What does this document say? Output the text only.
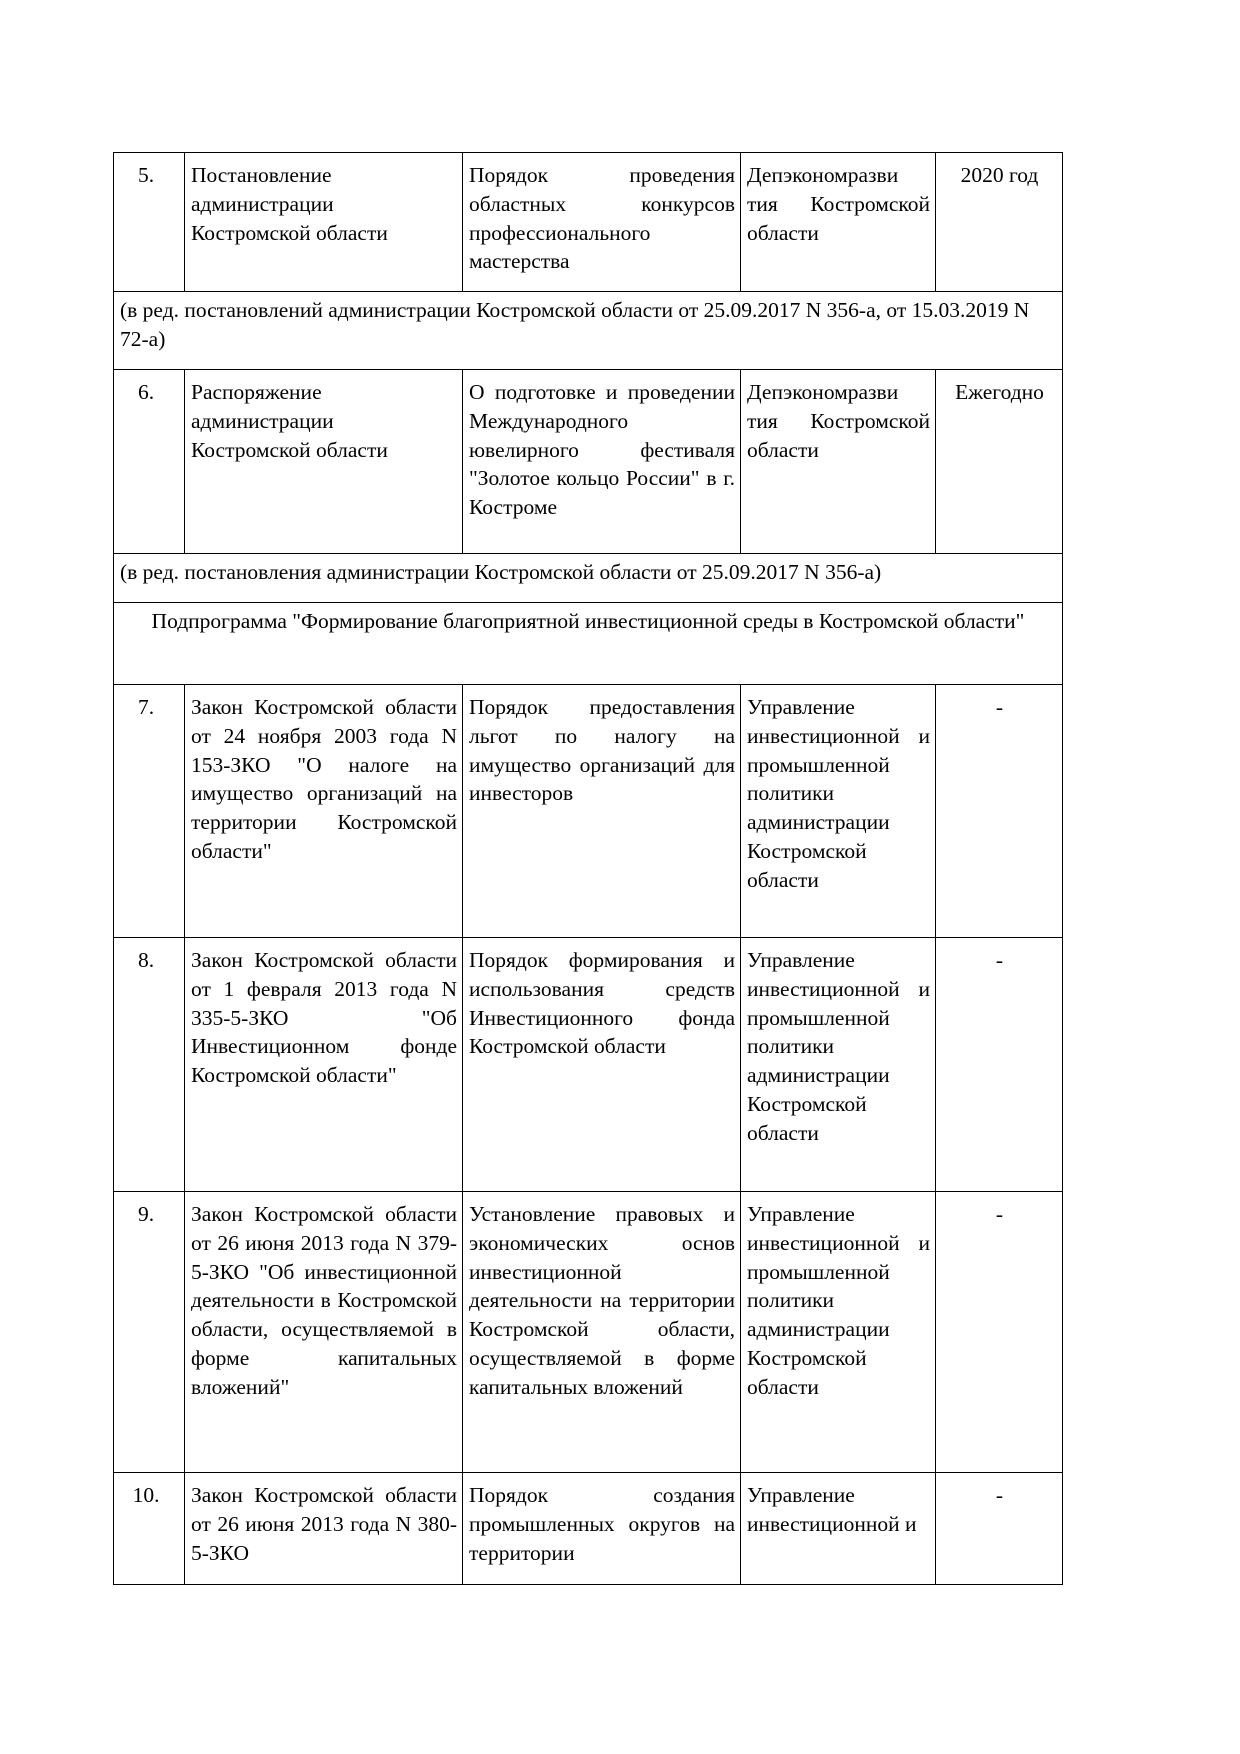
5.	Постановление администрации Костромской области	Порядок проведения областных конкурсов профессионального мастерства	Депэкономразви тия Костромской области	2020 год
(в ред. постановлений администрации Костромской области от 25.09.2017 N 356-а, от 15.03.2019 N 72-а)				
6.	Распоряжение администрации Костромской области	О подготовке и проведении Международного ювелирного фестиваля "Золотое кольцо России" в г. Костроме	Депэкономразви тия Костромской области	Ежегодно
(в ред. постановления администрации Костромской области от 25.09.2017 N 356-а)				
Подпрограмма "Формирование благоприятной инвестиционной среды в Костромской области"				
7.	Закон Костромской области от 24 ноября 2003 года N 153-ЗКО "О налоге на имущество организаций на территории Костромской области"	Порядок предоставления льгот по налогу на имущество организаций для инвесторов	Управление инвестиционной и промышленной политики администрации Костромской области	-
8.	Закон Костромской области от 1 февраля 2013 года N 335-5-ЗКО "Об Инвестиционном фонде Костромской области"	Порядок формирования и использования средств Инвестиционного фонда Костромской области	Управление инвестиционной и промышленной политики администрации Костромской области	-
9.	Закон Костромской области от 26 июня 2013 года N 379-5-ЗКО "Об инвестиционной деятельности в Костромской области, осуществляемой в форме капитальных вложений"	Установление правовых и экономических основ инвестиционной деятельности на территории Костромской области, осуществляемой в форме капитальных вложений	Управление инвестиционной и промышленной политики администрации Костромской области	-
10.	Закон Костромской области от 26 июня 2013 года N 380-5-ЗКО	Порядок создания промышленных округов на территории	Управление инвестиционной и	-
